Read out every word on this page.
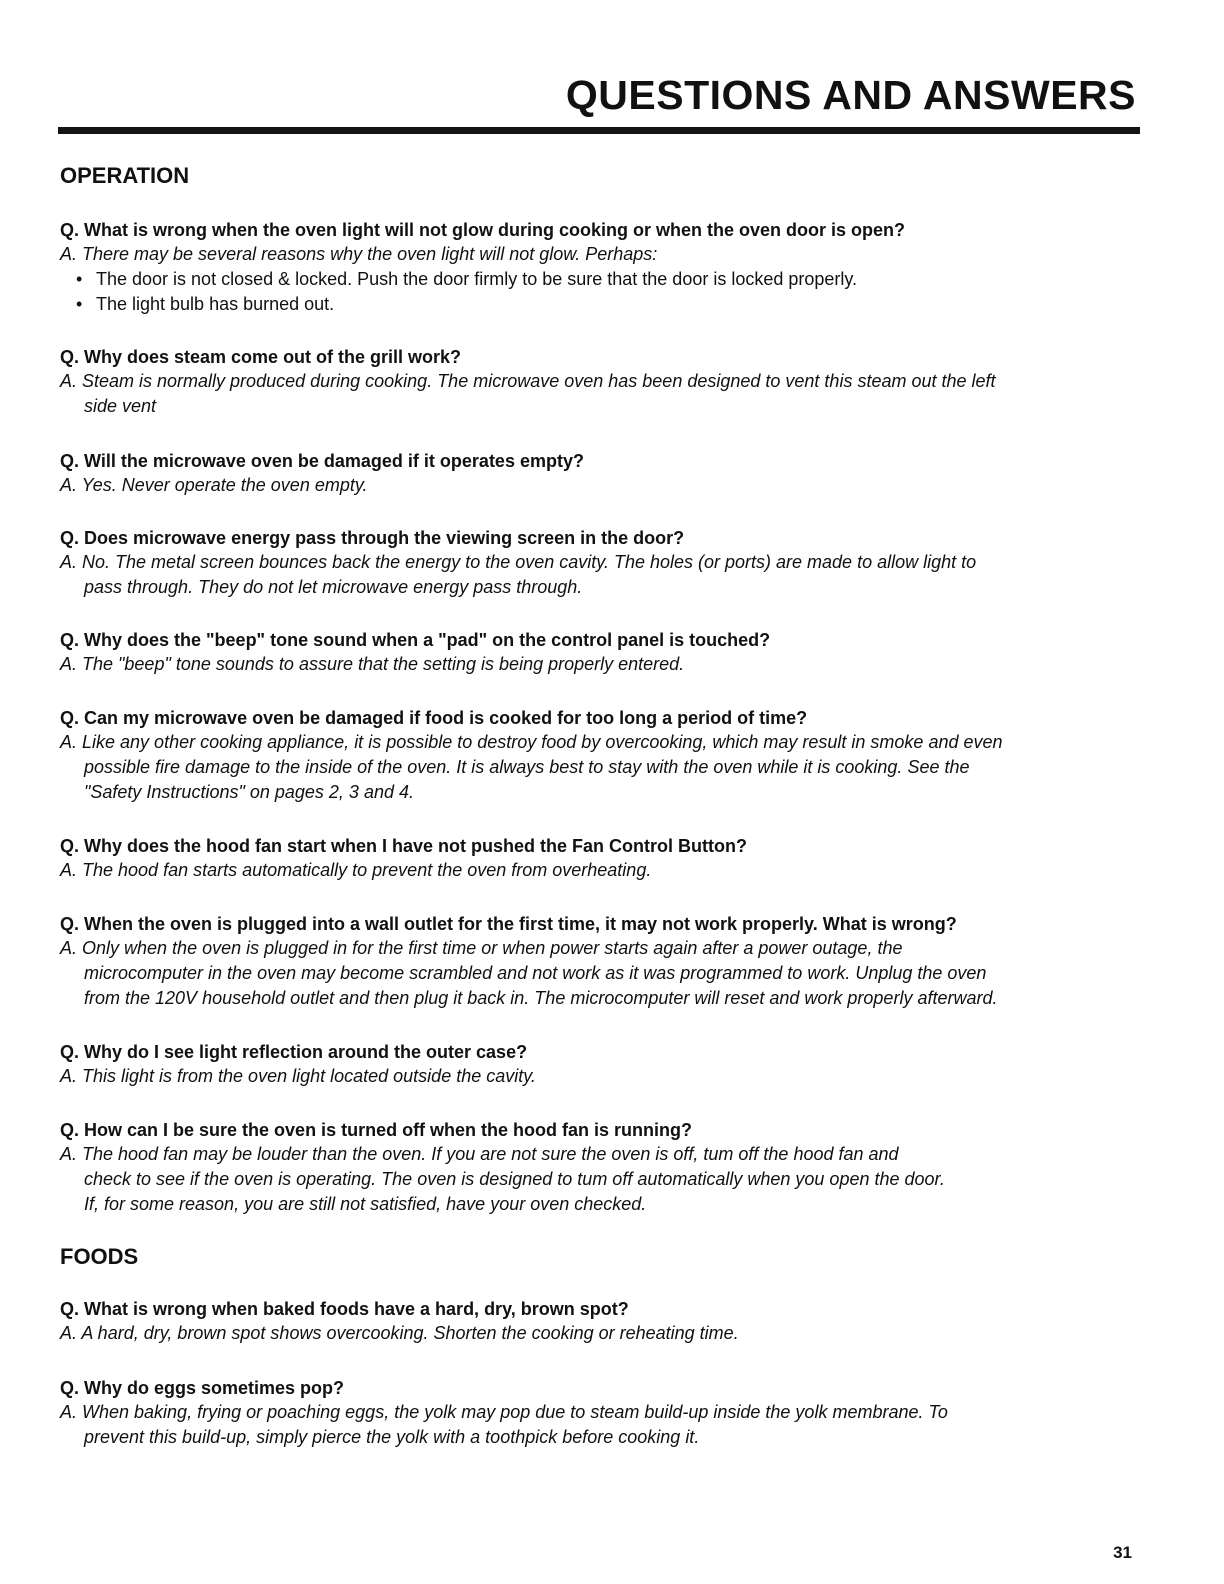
QUESTIONS AND ANSWERS
OPERATION
Q. What is wrong when the oven light will not glow during cooking or when the oven door is open?
A. There may be several reasons why the oven light will not glow. Perhaps:
• The door is not closed & locked. Push the door firmly to be sure that the door is locked properly.
• The light bulb has burned out.
Q. Why does steam come out of the grill work?
A. Steam is normally produced during cooking. The microwave oven has been designed to vent this steam out the left
side vent
Q. Will the microwave oven be damaged if it operates empty?
A. Yes. Never operate the oven empty.
Q. Does microwave energy pass through the viewing screen in the door?
A. No. The metal screen bounces back the energy to the oven cavity. The holes (or ports) are made to allow light to
pass through. They do not let microwave energy pass through.
Q. Why does the "beep" tone sound when a "pad" on the control panel is touched?
A. The "beep" tone sounds to assure that the setting is being properly entered.
Q. Can my microwave oven be damaged if food is cooked for too long a period of time?
A. Like any other cooking appliance, it is possible to destroy food by overcooking, which may result in smoke and even
possible fire damage to the inside of the oven. It is always best to stay with the oven while it is cooking. See the
"Safety Instructions" on pages 2, 3 and 4.
Q. Why does the hood fan start when I have not pushed the Fan Control Button?
A. The hood fan starts automatically to prevent the oven from overheating.
Q. When the oven is plugged into a wall outlet for the first time, it may not work properly. What is wrong?
A. Only when the oven is plugged in for the first time or when power starts again after a power outage, the
microcomputer in the oven may become scrambled and not work as it was programmed to work. Unplug the oven
from the 120V household outlet and then plug it back in. The microcomputer will reset and work properly afterward.
Q. Why do I see light reflection around the outer case?
A. This light is from the oven light located outside the cavity.
Q. How can I be sure the oven is turned off when the hood fan is running?
A. The hood fan may be louder than the oven. If you are not sure the oven is off, tum off the hood fan and
check to see if the oven is operating. The oven is designed to tum off automatically when you open the door.
If, for some reason, you are still not satisfied, have your oven checked.
FOODS
Q. What is wrong when baked foods have a hard, dry, brown spot?
A. A hard, dry, brown spot shows overcooking. Shorten the cooking or reheating time.
Q. Why do eggs sometimes pop?
A. When baking, frying or poaching eggs, the yolk may pop due to steam build-up inside the yolk membrane. To
prevent this build-up, simply pierce the yolk with a toothpick before cooking it.
31
